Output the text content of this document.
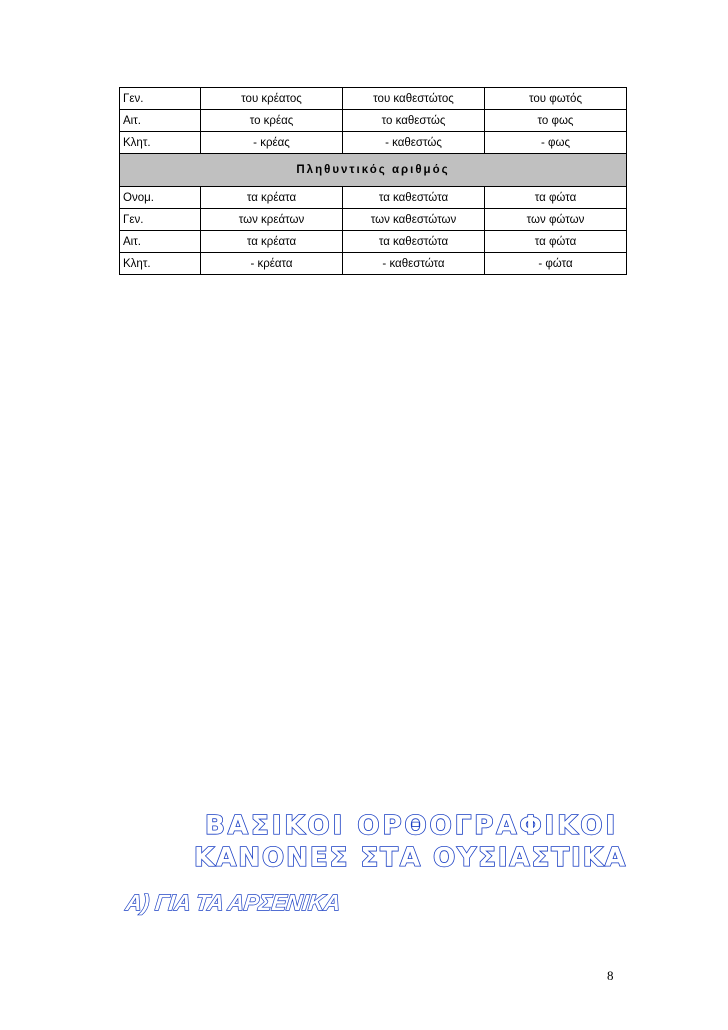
Γεν.	του κρέατος	του καθεστώτος	του φωτός
Αιτ.	το κρέας	το καθεστώς	το φως
Κλητ.	- κρέας	- καθεστώς	- φως
Πληθυντικός αριθμός			
Ονομ.	τα κρέατα	τα καθεστώτα	τα φώτα
Γεν.	των κρεάτων	των καθεστώτων	των φώτων
Αιτ.	τα κρέατα	τα καθεστώτα	τα φώτα
Κλητ.	- κρέατα	- καθεστώτα	- φώτα
ΒΑΣΙΚΟΙ ΟΡΘΟΓΡΑΦΙΚΟΙ
ΚΑΝΟΝΕΣ ΣΤΑ ΟΥΣΙΑΣΤΙΚΑ
Α) ΓΙΑ ΤΑ ΑΡΣΕΝΙΚΑ
8
